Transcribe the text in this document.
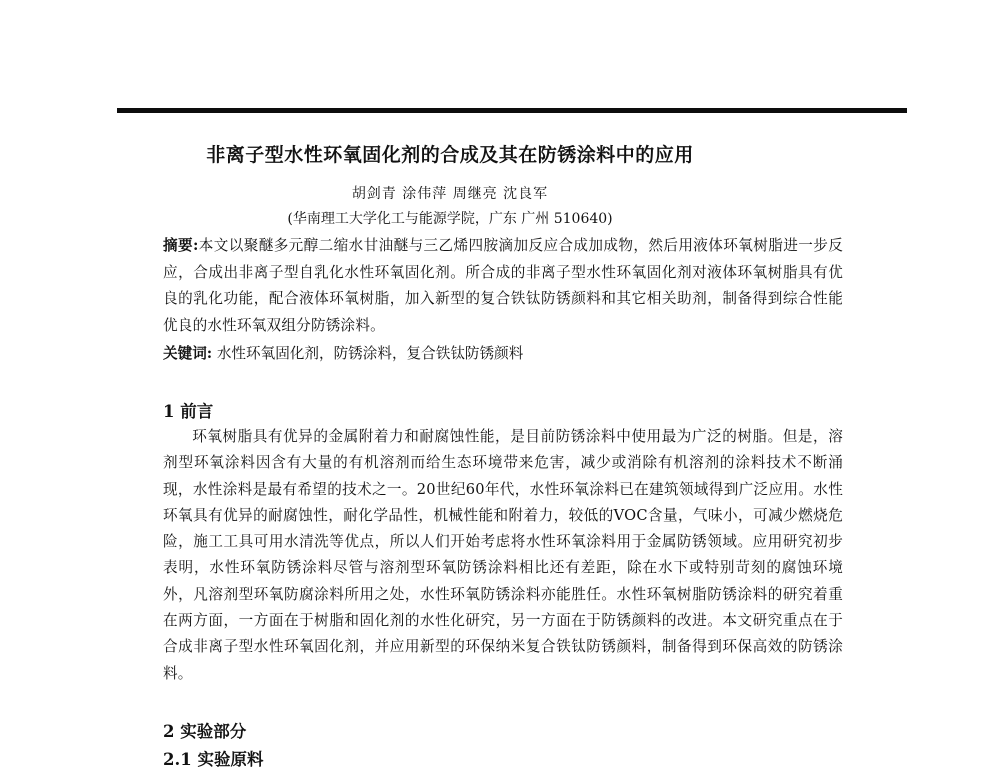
非离子型水性环氧固化剂的合成及其在防锈涂料中的应用
胡剑青 涂伟萍 周继亮 沈良军
(华南理工大学化工与能源学院，广东 广州 510640)
摘要:本文以聚醚多元醇二缩水甘油醚与三乙烯四胺滴加反应合成加成物，然后用液体环氧树脂进一步反应，合成出非离子型自乳化水性环氧固化剂。所合成的非离子型水性环氧固化剂对液体环氧树脂具有优良的乳化功能，配合液体环氧树脂，加入新型的复合铁钛防锈颜料和其它相关助剂，制备得到综合性能优良的水性环氧双组分防锈涂料。
关键词: 水性环氧固化剂，防锈涂料，复合铁钛防锈颜料
1 前言
环氧树脂具有优异的金属附着力和耐腐蚀性能，是目前防锈涂料中使用最为广泛的树脂。但是，溶剂型环氧涂料因含有大量的有机溶剂而给生态环境带来危害，减少或消除有机溶剂的涂料技术不断涌现，水性涂料是最有希望的技术之一。20世纪60年代，水性环氧涂料已在建筑领域得到广泛应用。水性环氧具有优异的耐腐蚀性，耐化学品性，机械性能和附着力，较低的VOC含量，气味小，可减少燃烧危险，施工工具可用水清洗等优点，所以人们开始考虑将水性环氧涂料用于金属防锈领域。应用研究初步表明，水性环氧防锈涂料尽管与溶剂型环氧防锈涂料相比还有差距，除在水下或特别苛刻的腐蚀环境外，凡溶剂型环氧防腐涂料所用之处，水性环氧防锈涂料亦能胜任。水性环氧树脂防锈涂料的研究着重在两方面，一方面在于树脂和固化剂的水性化研究，另一方面在于防锈颜料的改进。本文研究重点在于合成非离子型水性环氧固化剂，并应用新型的环保纳米复合铁钛防锈颜料，制备得到环保高效的防锈涂料。
2 实验部分
2.1 实验原料
